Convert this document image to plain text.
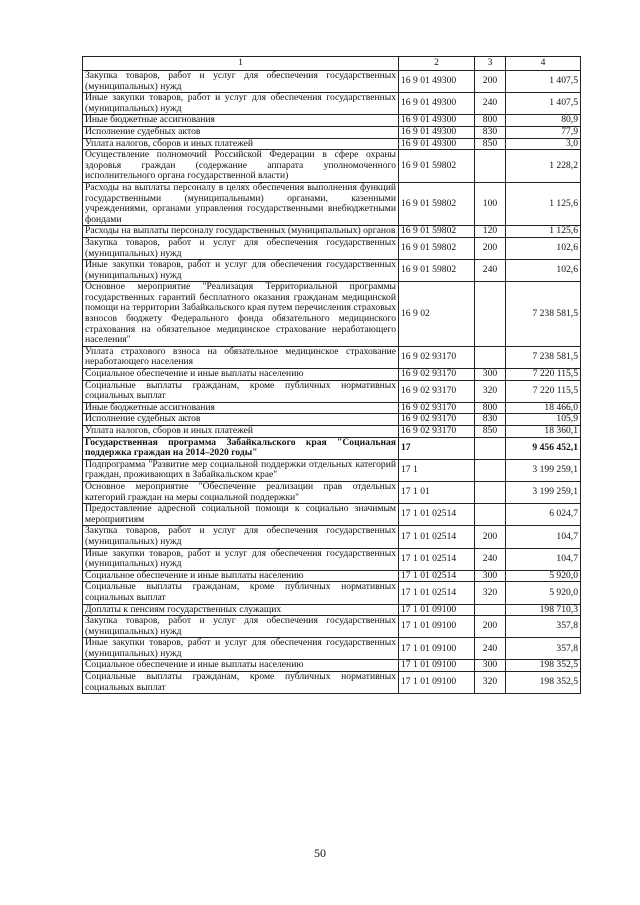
1	2	3	4
Закупка товаров, работ и услуг для обеспечения государственных (муниципальных) нужд	16 9 01 49300	200	1 407,5
Иные закупки товаров, работ и услуг для обеспечения государственных (муниципальных) нужд	16 9 01 49300	240	1 407,5
Иные бюджетные ассигнования	16 9 01 49300	800	80,9
Исполнение судебных актов	16 9 01 49300	830	77,9
Уплата налогов, сборов и иных платежей	16 9 01 49300	850	3,0
Осуществление полномочий Российской Федерации в сфере охраны здоровья граждан (содержание аппарата уполномоченного исполнительного органа государственной власти)	16 9 01 59802		1 228,2
Расходы на выплаты персоналу в целях обеспечения выполнения функций государственными (муниципальными) органами, казенными учреждениями, органами управления государственными внебюджетными фондами	16 9 01 59802	100	1 125,6
Расходы на выплаты персоналу государственных (муниципальных) органов	16 9 01 59802	120	1 125,6
Закупка товаров, работ и услуг для обеспечения государственных (муниципальных) нужд	16 9 01 59802	200	102,6
Иные закупки товаров, работ и услуг для обеспечения государственных (муниципальных) нужд	16 9 01 59802	240	102,6
Основное мероприятие "Реализация Территориальной программы государственных гарантий бесплатного оказания гражданам медицинской помощи на территории Забайкальского края путем перечисления страховых взносов бюджету Федерального фонда обязательного медицинского страхования на обязательное медицинское страхование неработающего населения"	16 9 02		7 238 581,5
Уплата страхового взноса на обязательное медицинское страхование неработающего населения	16 9 02 93170		7 238 581,5
Социальное обеспечение и иные выплаты населению	16 9 02 93170	300	7 220 115,5
Социальные выплаты гражданам, кроме публичных нормативных социальных выплат	16 9 02 93170	320	7 220 115,5
Иные бюджетные ассигнования	16 9 02 93170	800	18 466,0
Исполнение судебных актов	16 9 02 93170	830	105,9
Уплата налогов, сборов и иных платежей	16 9 02 93170	850	18 360,1
Государственная программа Забайкальского края "Социальная поддержка граждан на 2014–2020 годы"	17		9 456 452,1
Подпрограмма "Развитие мер социальной поддержки отдельных категорий граждан, проживающих в Забайкальском крае"	17 1		3 199 259,1
Основное мероприятие "Обеспечение реализации прав отдельных категорий граждан на меры социальной поддержки"	17 1 01		3 199 259,1
Предоставление адресной социальной помощи к социально значимым мероприятиям	17 1 01 02514		6 024,7
Закупка товаров, работ и услуг для обеспечения государственных (муниципальных) нужд	17 1 01 02514	200	104,7
Иные закупки товаров, работ и услуг для обеспечения государственных (муниципальных) нужд	17 1 01 02514	240	104,7
Социальное обеспечение и иные выплаты населению	17 1 01 02514	300	5 920,0
Социальные выплаты гражданам, кроме публичных нормативных социальных выплат	17 1 01 02514	320	5 920,0
Доплаты к пенсиям государственных служащих	17 1 01 09100		198 710,3
Закупка товаров, работ и услуг для обеспечения государственных (муниципальных) нужд	17 1 01 09100	200	357,8
Иные закупки товаров, работ и услуг для обеспечения государственных (муниципальных) нужд	17 1 01 09100	240	357,8
Социальное обеспечение и иные выплаты населению	17 1 01 09100	300	198 352,5
Социальные выплаты гражданам, кроме публичных нормативных социальных выплат	17 1 01 09100	320	198 352,5
50
